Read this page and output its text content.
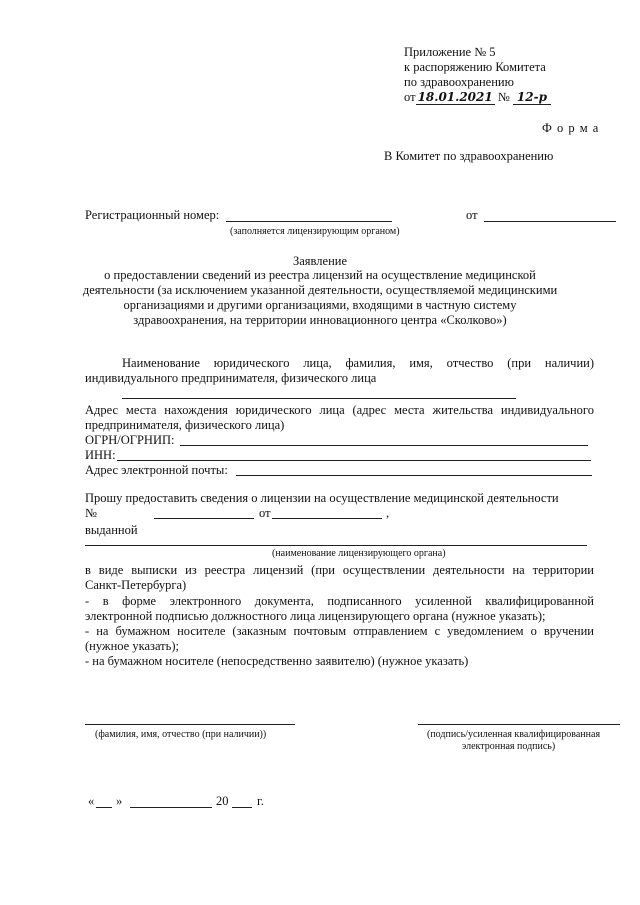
Приложение № 5
к распоряжению Комитета
по здравоохранению
от 18.01.2021 № 12-р
Ф о р м а
В Комитет по здравоохранению
Регистрационный номер:	от
(заполняется лицензирующим органом)
Заявление
о предоставлении сведений из реестра лицензий на осуществление медицинской
деятельности (за исключением указанной деятельности, осуществляемой медицинскими
организациями и другими организациями, входящими в частную систему
здравоохранения, на территории инновационного центра «Сколково»)
Наименование юридического лица, фамилия, имя, отчество (при наличии)
индивидуального предпринимателя, физического лица
Адрес места нахождения юридического лица (адрес места жительства индивидуального
предпринимателя, физического лица)
ОГРН/ОГРНИП:
ИНН:
Адрес электронной почты:
Прошу предоставить сведения о лицензии на осуществление медицинской деятельности
№	от	,
выданной
(наименование лицензирующего органа)
в виде выписки из реестра лицензий (при осуществлении деятельности на территории
Санкт-Петербурга)
- в форме электронного документа, подписанного усиленной квалифицированной
электронной подписью должностного лица лицензирующего органа (нужное указать);
- на бумажном носителе (заказным почтовым отправлением с уведомлением о вручении
(нужное указать);
- на бумажном носителе (непосредственно заявителю) (нужное указать)
(фамилия, имя, отчество (при наличии))	(подпись/усиленная квалифицированная
электронная подпись)
« »	20 г.
